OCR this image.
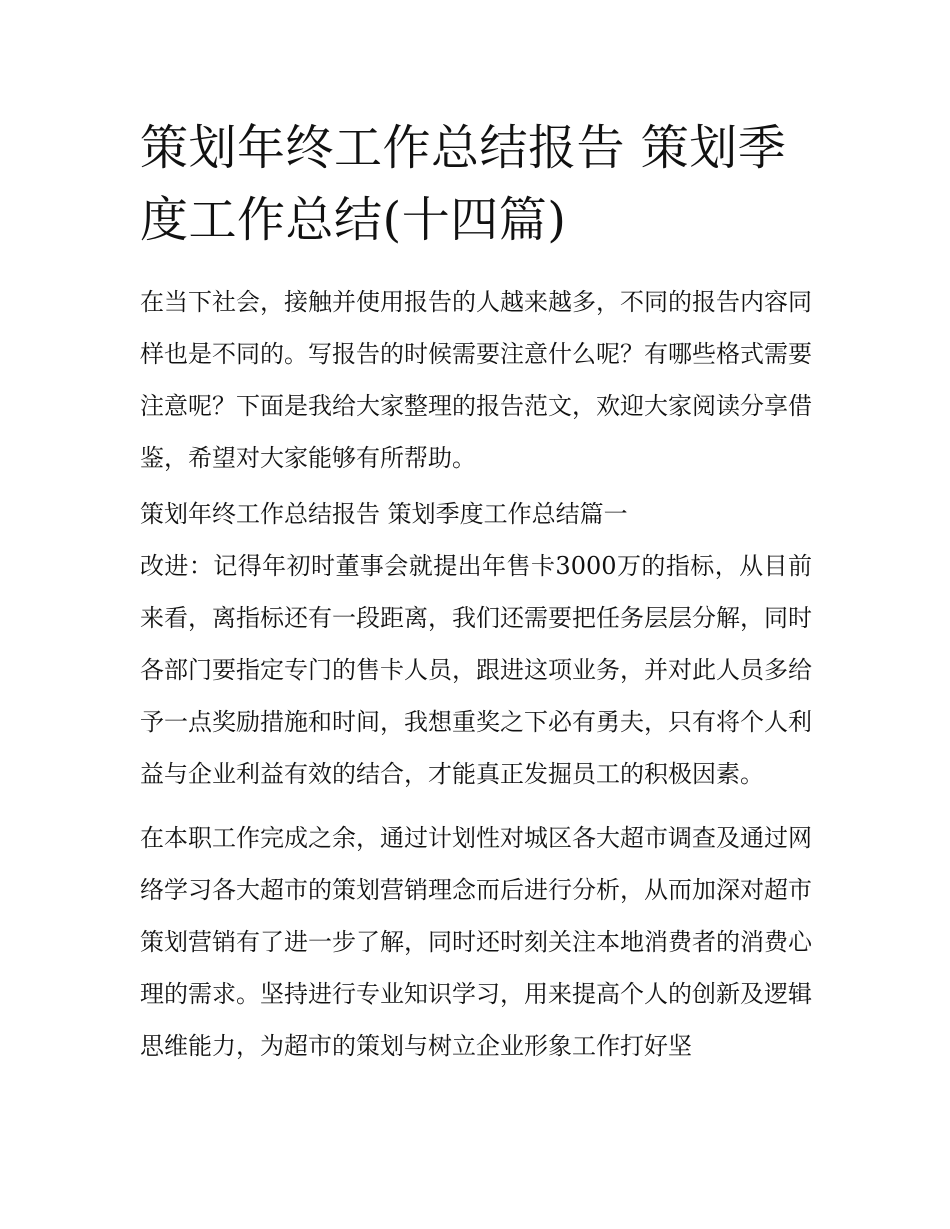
策划年终工作总结报告 策划季度工作总结(十四篇)

在当下社会，接触并使用报告的人越来越多，不同的报告内容同样也是不同的。写报告的时候需要注意什么呢？有哪些格式需要注意呢？下面是我给大家整理的报告范文，欢迎大家阅读分享借鉴，希望对大家能够有所帮助。

策划年终工作总结报告 策划季度工作总结篇一

改进：记得年初时董事会就提出年售卡3000万的指标，从目前来看，离指标还有一段距离，我们还需要把任务层层分解，同时各部门要指定专门的售卡人员，跟进这项业务，并对此人员多给予一点奖励措施和时间，我想重奖之下必有勇夫，只有将个人利益与企业利益有效的结合，才能真正发掘员工的积极因素。

在本职工作完成之余，通过计划性对城区各大超市调查及通过网络学习各大超市的策划营销理念而后进行分析，从而加深对超市策划营销有了进一步了解，同时还时刻关注本地消费者的消费心理的需求。坚持进行专业知识学习，用来提高个人的创新及逻辑思维能力，为超市的策划与树立企业形象工作打好坚
